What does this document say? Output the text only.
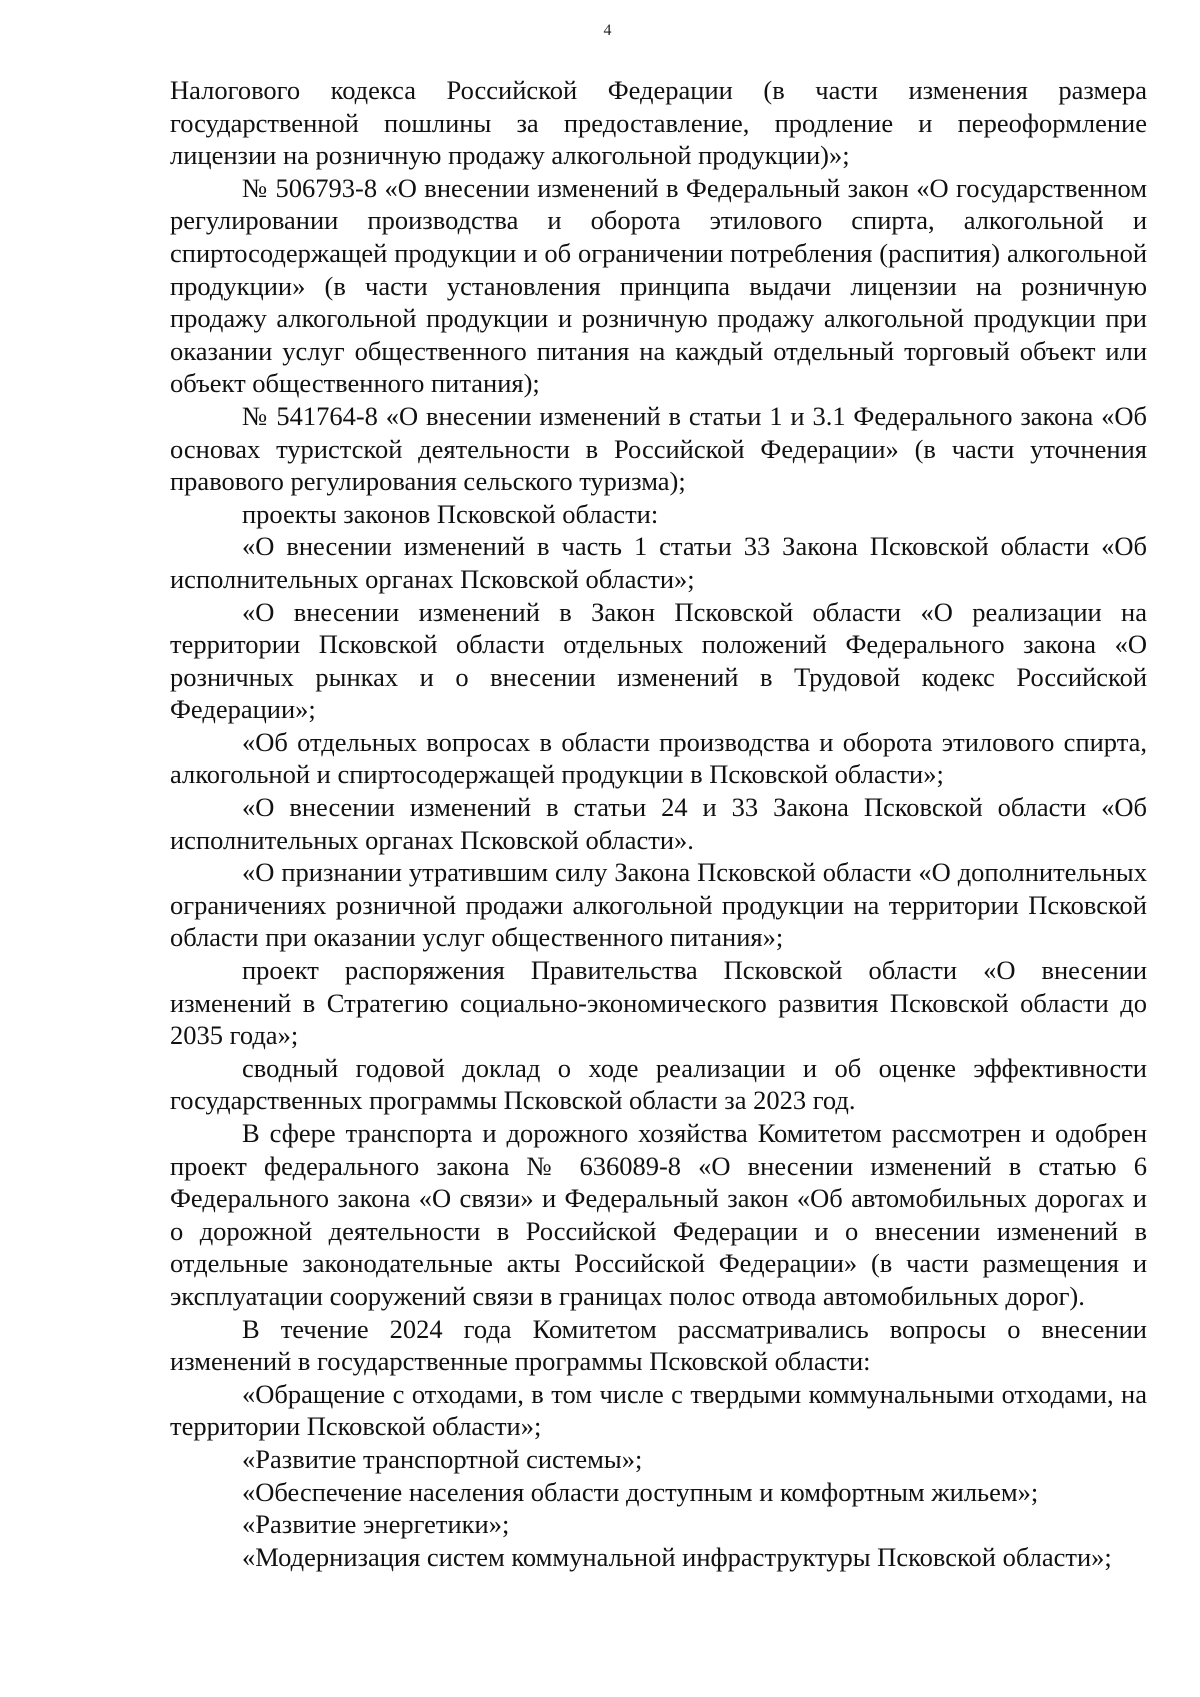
4

Налогового кодекса Российской Федерации (в части изменения размера государственной пошлины за предоставление, продление и переоформление лицензии на розничную продажу алкогольной продукции)»;

№ 506793-8 «О внесении изменений в Федеральный закон «О государственном регулировании производства и оборота этилового спирта, алкогольной и спиртосодержащей продукции и об ограничении потребления (распития) алкогольной продукции» (в части установления принципа выдачи лицензии на розничную продажу алкогольной продукции и розничную продажу алкогольной продукции при оказании услуг общественного питания на каждый отдельный торговый объект или объект общественного питания);

№ 541764-8 «О внесении изменений в статьи 1 и 3.1 Федерального закона «Об основах туристской деятельности в Российской Федерации» (в части уточнения правового регулирования сельского туризма);

проекты законов Псковской области:

«О внесении изменений в часть 1 статьи 33 Закона Псковской области «Об исполнительных органах Псковской области»;

«О внесении изменений в Закон Псковской области «О реализации на территории Псковской области отдельных положений Федерального закона «О розничных рынках и о внесении изменений в Трудовой кодекс Российской Федерации»;

«Об отдельных вопросах в области производства и оборота этилового спирта, алкогольной и спиртосодержащей продукции в Псковской области»;

«О внесении изменений в статьи 24 и 33 Закона Псковской области «Об исполнительных органах Псковской области».

«О признании утратившим силу Закона Псковской области «О дополнительных ограничениях розничной продажи алкогольной продукции на территории Псковской области при оказании услуг общественного питания»;

проект распоряжения Правительства Псковской области «О внесении изменений в Стратегию социально-экономического развития Псковской области до 2035 года»;

сводный годовой доклад о ходе реализации и об оценке эффективности государственных программы Псковской области за 2023 год.

В сфере транспорта и дорожного хозяйства Комитетом рассмотрен и одобрен проект федерального закона № 636089-8 «О внесении изменений в статью 6 Федерального закона «О связи» и Федеральный закон «Об автомобильных дорогах и о дорожной деятельности в Российской Федерации и о внесении изменений в отдельные законодательные акты Российской Федерации» (в части размещения и эксплуатации сооружений связи в границах полос отвода автомобильных дорог).

В течение 2024 года Комитетом рассматривались вопросы о внесении изменений в государственные программы Псковской области:

«Обращение с отходами, в том числе с твердыми коммунальными отходами, на территории Псковской области»;

«Развитие транспортной системы»;

«Обеспечение населения области доступным и комфортным жильем»;

«Развитие энергетики»;

«Модернизация систем коммунальной инфраструктуры Псковской области»;
